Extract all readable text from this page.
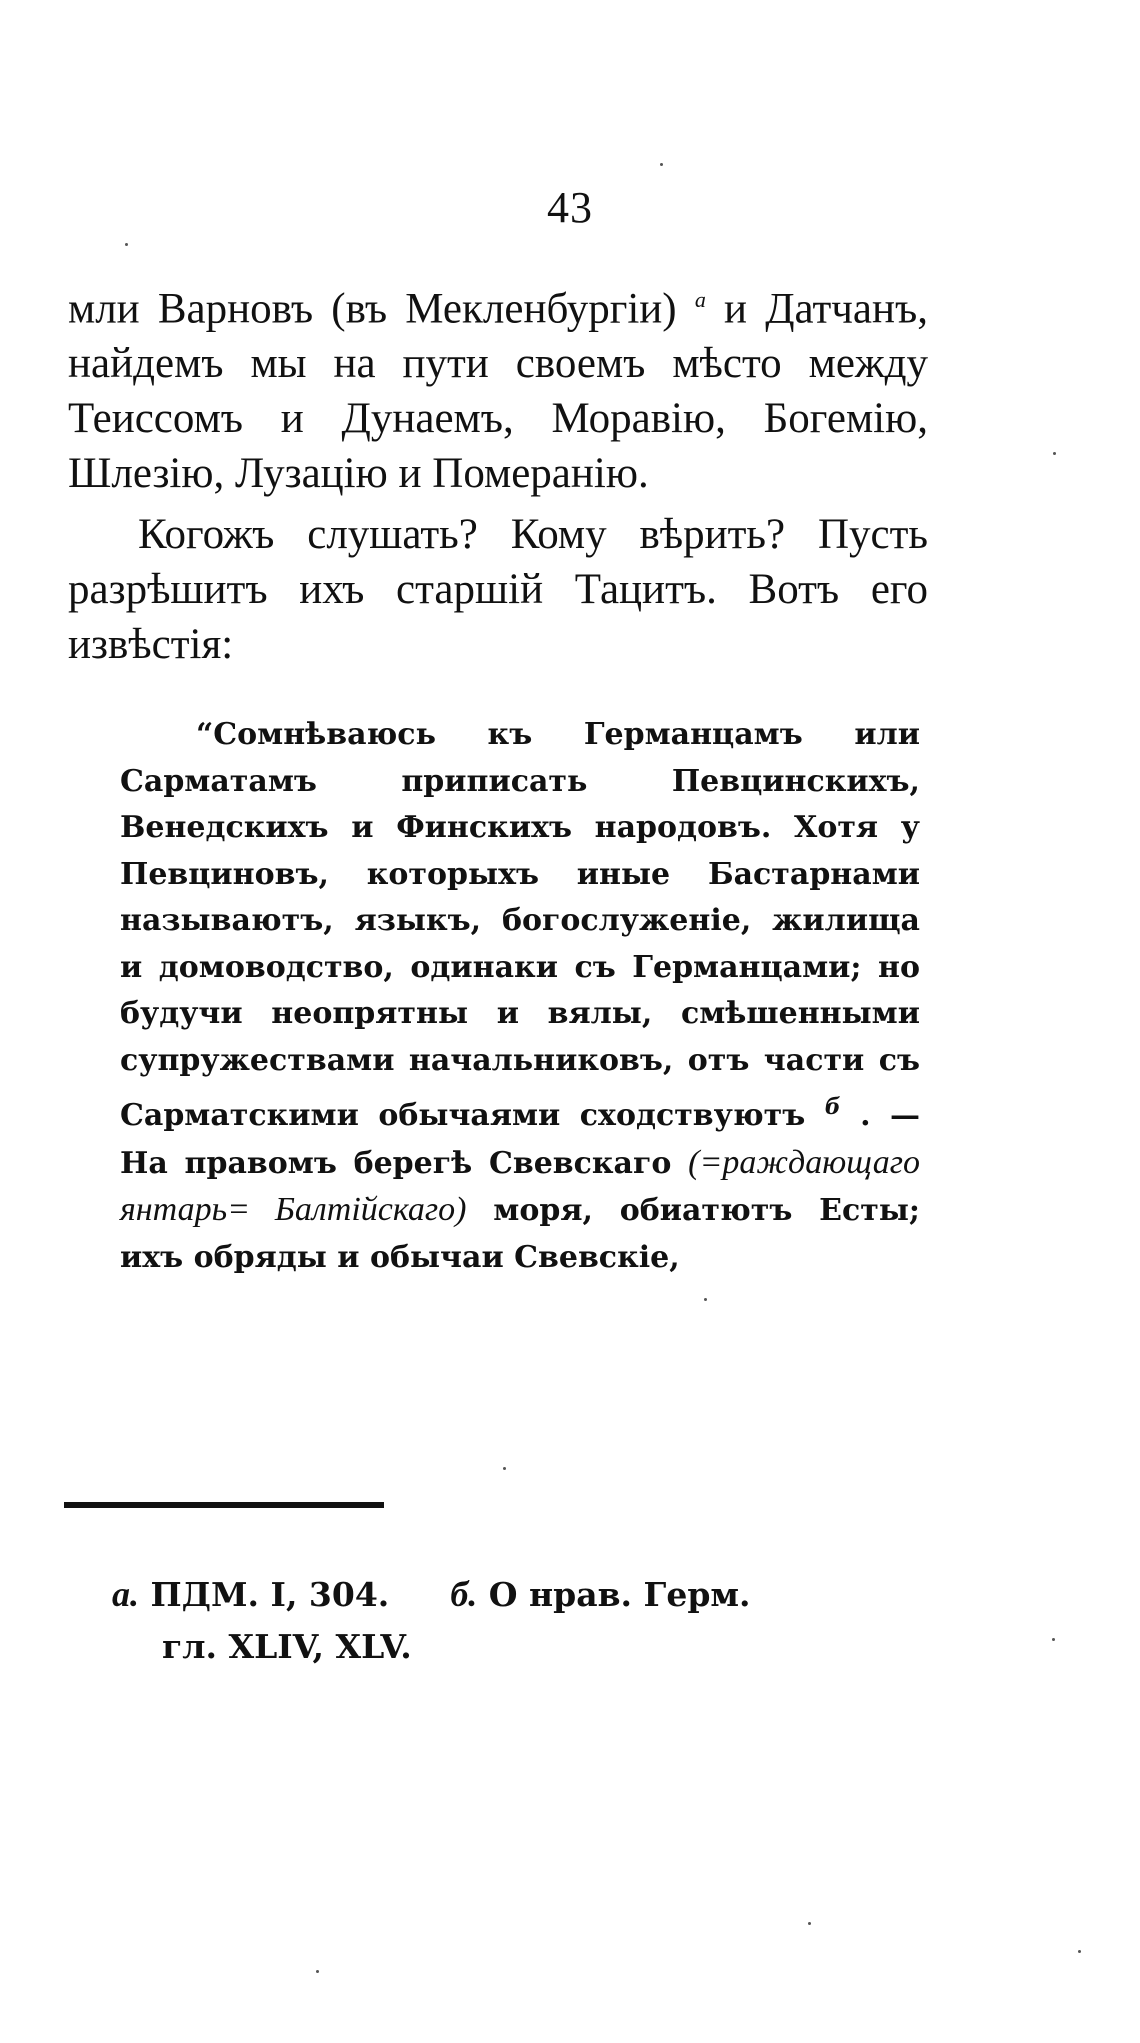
43

мли Варновъ (въ Мекленбургіи) $^а$ и Датчанъ, найдемъ мы на пути своемъ мѣсто между Теиссомъ и Дунаемъ, Моравію, Богемію, Шлезію, Лузацію и Померанію.

Когожъ слушать? Кому вѣрить? Пусть разрѣшитъ ихъ старшій Тацитъ. Вотъ его извѣстія:

“Сомнѣваюсь къ Германцамъ или Сарматамъ приписать Певцинскихъ, Венедскихъ и Финскихъ народовъ. Хотя у Певциновъ, которыхъ иные Бастарнами называютъ, языкъ, богослуженіе, жилища и домоводство, одинаки съ Германцами; но будучи неопрятны и вялы, смѣшенными супружествами начальниковъ, отъ части съ Сарматскими обычаями сходствуютъ $^б$ . — На правомъ берегѣ Свевскаго (=раждающаго янтарь= Балтійскаго) моря, обиатютъ Есты; ихъ обряды и обычаи Свевскіе,

а. ПДМ. I, 304. б. О нрав. Герм.
гл. XLIV, XLV.
